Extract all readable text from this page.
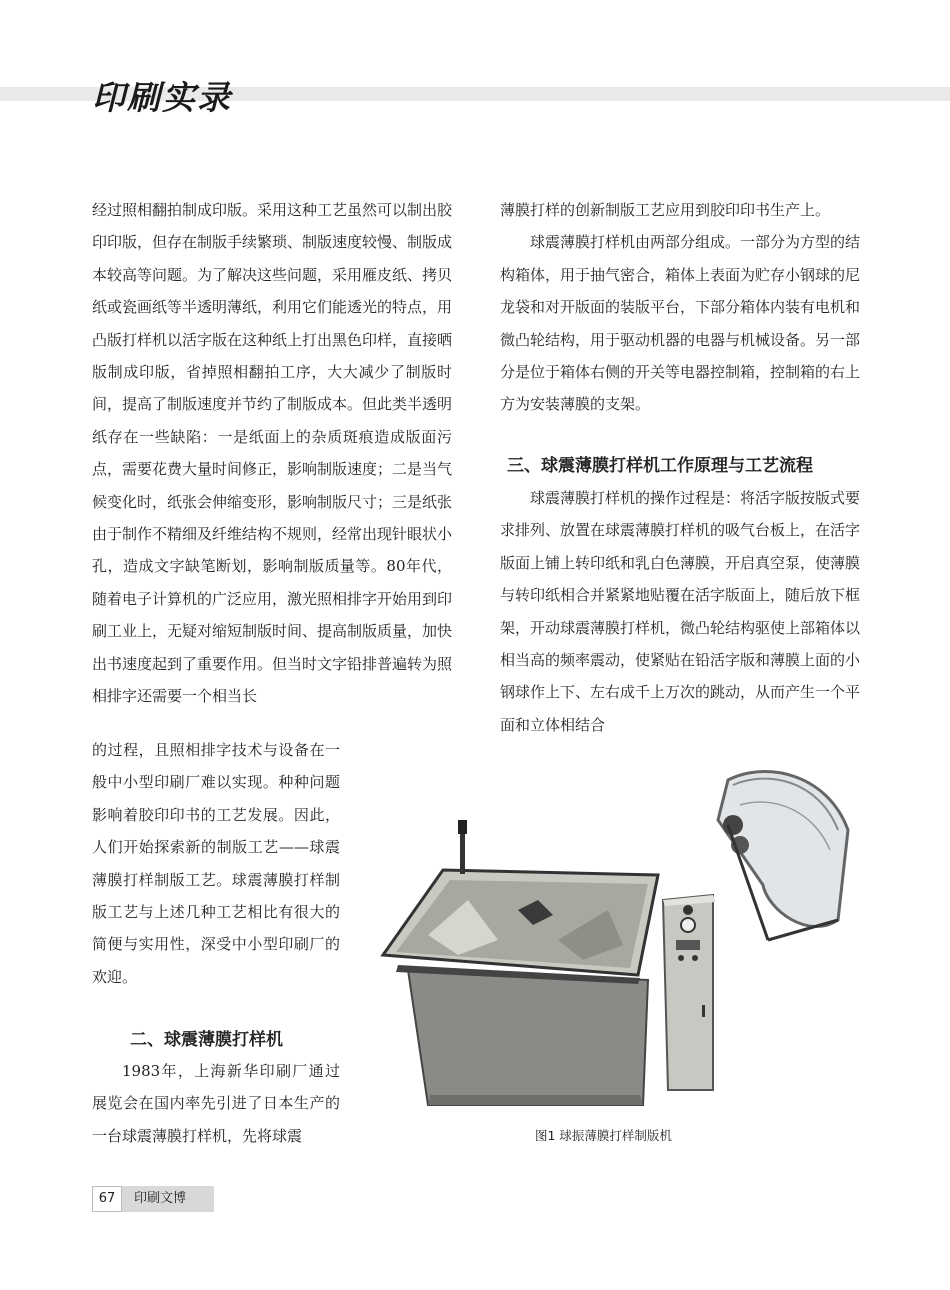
印刷实录

经过照相翻拍制成印版。采用这种工艺虽然可以制出胶印印版，但存在制版手续繁琐、制版速度较慢、制版成本较高等问题。为了解决这些问题，采用雁皮纸、拷贝纸或瓷画纸等半透明薄纸，利用它们能透光的特点，用凸版打样机以活字版在这种纸上打出黑色印样，直接晒版制成印版，省掉照相翻拍工序，大大减少了制版时间，提高了制版速度并节约了制版成本。但此类半透明纸存在一些缺陷：一是纸面上的杂质斑痕造成版面污点，需要花费大量时间修正，影响制版速度；二是当气候变化时，纸张会伸缩变形，影响制版尺寸；三是纸张由于制作不精细及纤维结构不规则，经常出现针眼状小孔，造成文字缺笔断划，影响制版质量等。80年代，随着电子计算机的广泛应用，激光照相排字开始用到印刷工业上，无疑对缩短制版时间、提高制版质量，加快出书速度起到了重要作用。但当时文字铅排普遍转为照相排字还需要一个相当长

的过程，且照相排字技术与设备在一般中小型印刷厂难以实现。种种问题影响着胶印印书的工艺发展。因此，人们开始探索新的制版工艺——球震薄膜打样制版工艺。球震薄膜打样制版工艺与上述几种工艺相比有很大的简便与实用性，深受中小型印刷厂的欢迎。

二、球震薄膜打样机

1983年，上海新华印刷厂通过展览会在国内率先引进了日本生产的一台球震薄膜打样机，先将球震

薄膜打样的创新制版工艺应用到胶印印书生产上。

球震薄膜打样机由两部分组成。一部分为方型的结构箱体，用于抽气密合，箱体上表面为贮存小钢球的尼龙袋和对开版面的装版平台，下部分箱体内装有电机和微凸轮结构，用于驱动机器的电器与机械设备。另一部分是位于箱体右侧的开关等电器控制箱，控制箱的右上方为安装薄膜的支架。

三、球震薄膜打样机工作原理与工艺流程

球震薄膜打样机的操作过程是：将活字版按版式要求排列、放置在球震薄膜打样机的吸气台板上，在活字版面上铺上转印纸和乳白色薄膜，开启真空泵，使薄膜与转印纸相合并紧紧地贴覆在活字版面上，随后放下框架，开动球震薄膜打样机，微凸轮结构驱使上部箱体以相当高的频率震动，使紧贴在铅活字版和薄膜上面的小钢球作上下、左右成千上万次的跳动，从而产生一个平面和立体相结合

图1 球振薄膜打样制版机
67	印刷文博
